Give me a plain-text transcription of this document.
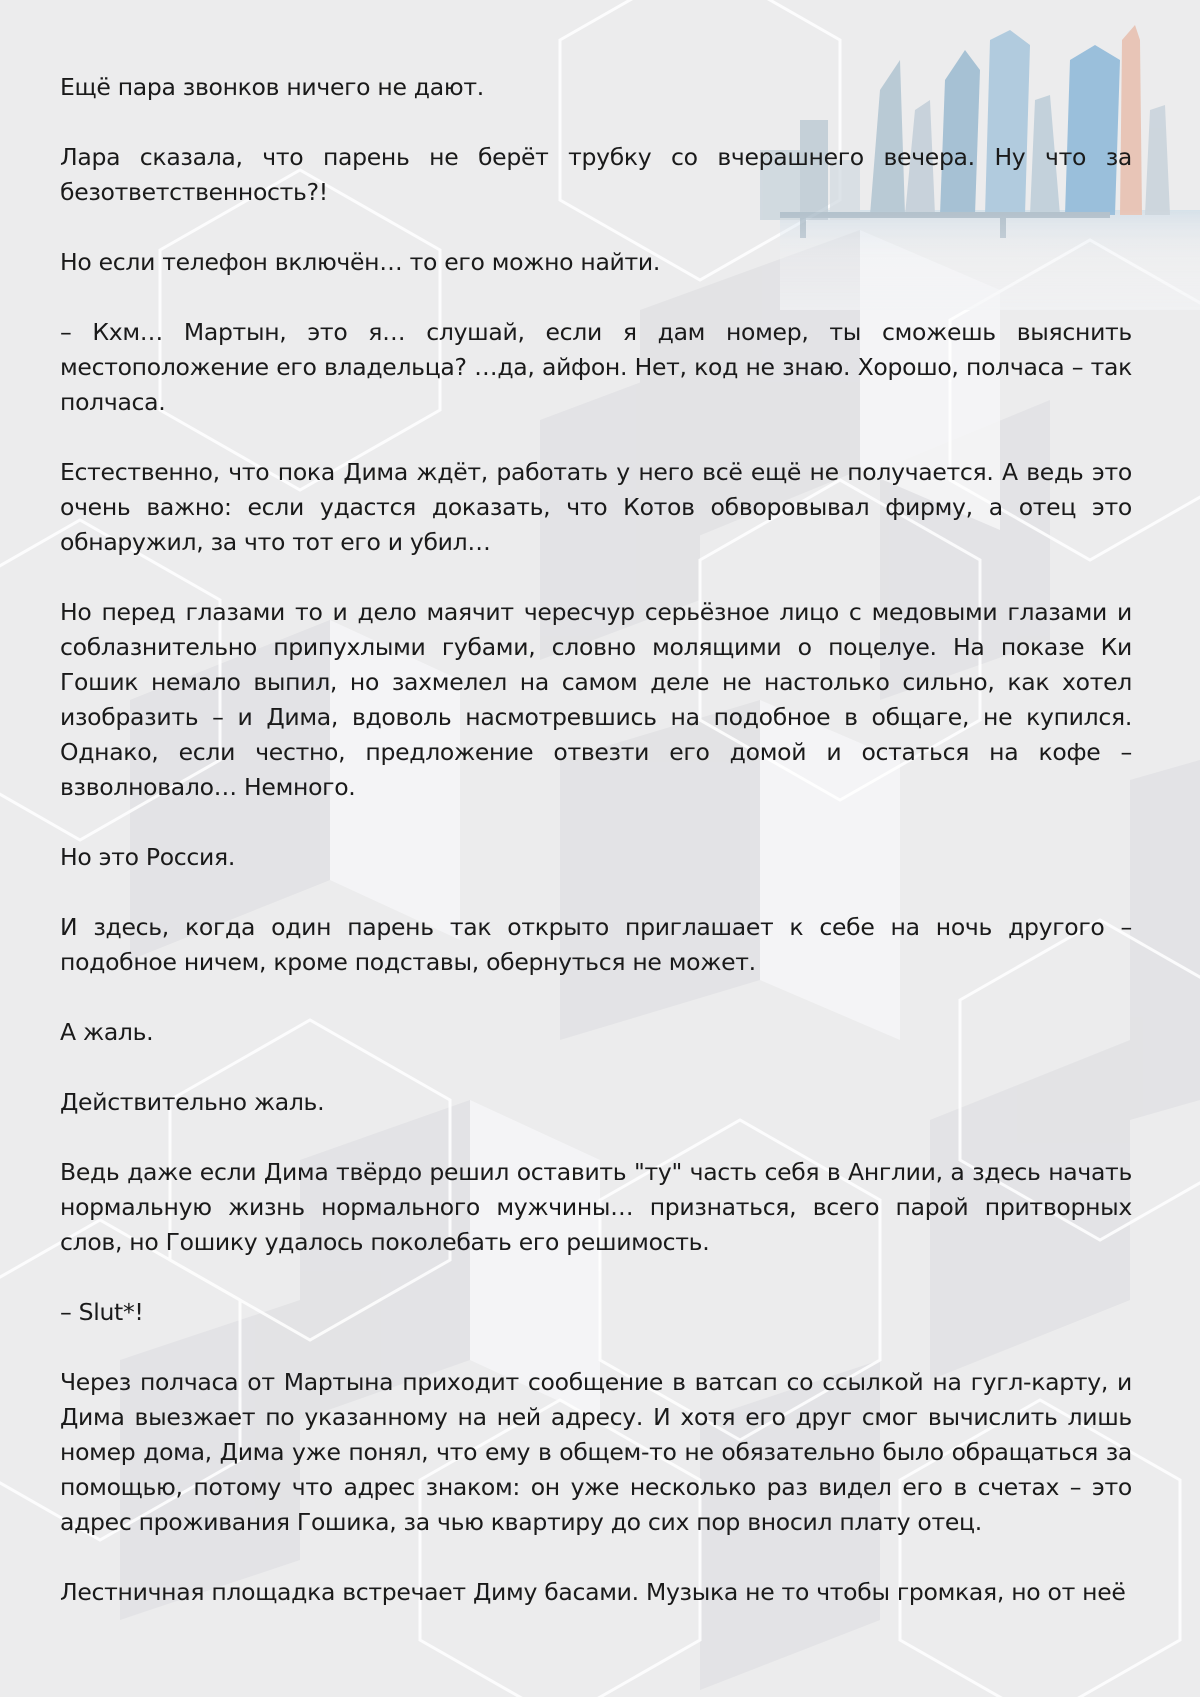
Ещё пара звонков ничего не дают.

Лара сказала, что парень не берёт трубку со вчерашнего вечера. Ну что за безответственность?!

Но если телефон включён… то его можно найти.

– Кхм… Мартын, это я… слушай, если я дам номер, ты сможешь выяснить местоположение его владельца? …да, айфон. Нет, код не знаю. Хорошо, полчаса – так полчаса.

Естественно, что пока Дима ждёт, работать у него всё ещё не получается. А ведь это очень важно: если удастся доказать, что Котов обворовывал фирму, а отец это обнаружил, за что тот его и убил…

Но перед глазами то и дело маячит чересчур серьёзное лицо с медовыми глазами и соблазнительно припухлыми губами, словно молящими о поцелуе. На показе Ки Гошик немало выпил, но захмелел на самом деле не настолько сильно, как хотел изобразить – и Дима, вдоволь насмотревшись на подобное в общаге, не купился. Однако, если честно, предложение отвезти его домой и остаться на кофе – взволновало… Немного.

Но это Россия.

И здесь, когда один парень так открыто приглашает к себе на ночь другого – подобное ничем, кроме подставы, обернуться не может.

А жаль.

Действительно жаль.

Ведь даже если Дима твёрдо решил оставить "ту" часть себя в Англии, а здесь начать нормальную жизнь нормального мужчины… признаться, всего парой притворных слов, но Гошику удалось поколебать его решимость.

– Slut*!

Через полчаса от Мартына приходит сообщение в ватсап со ссылкой на гугл-карту, и Дима выезжает по указанному на ней адресу. И хотя его друг смог вычислить лишь номер дома, Дима уже понял, что ему в общем-то не обязательно было обращаться за помощью, потому что адрес знаком: он уже несколько раз видел его в счетах – это адрес проживания Гошика, за чью квартиру до сих пор вносил плату отец.

Лестничная площадка встречает Диму басами. Музыка не то чтобы громкая, но от неё
